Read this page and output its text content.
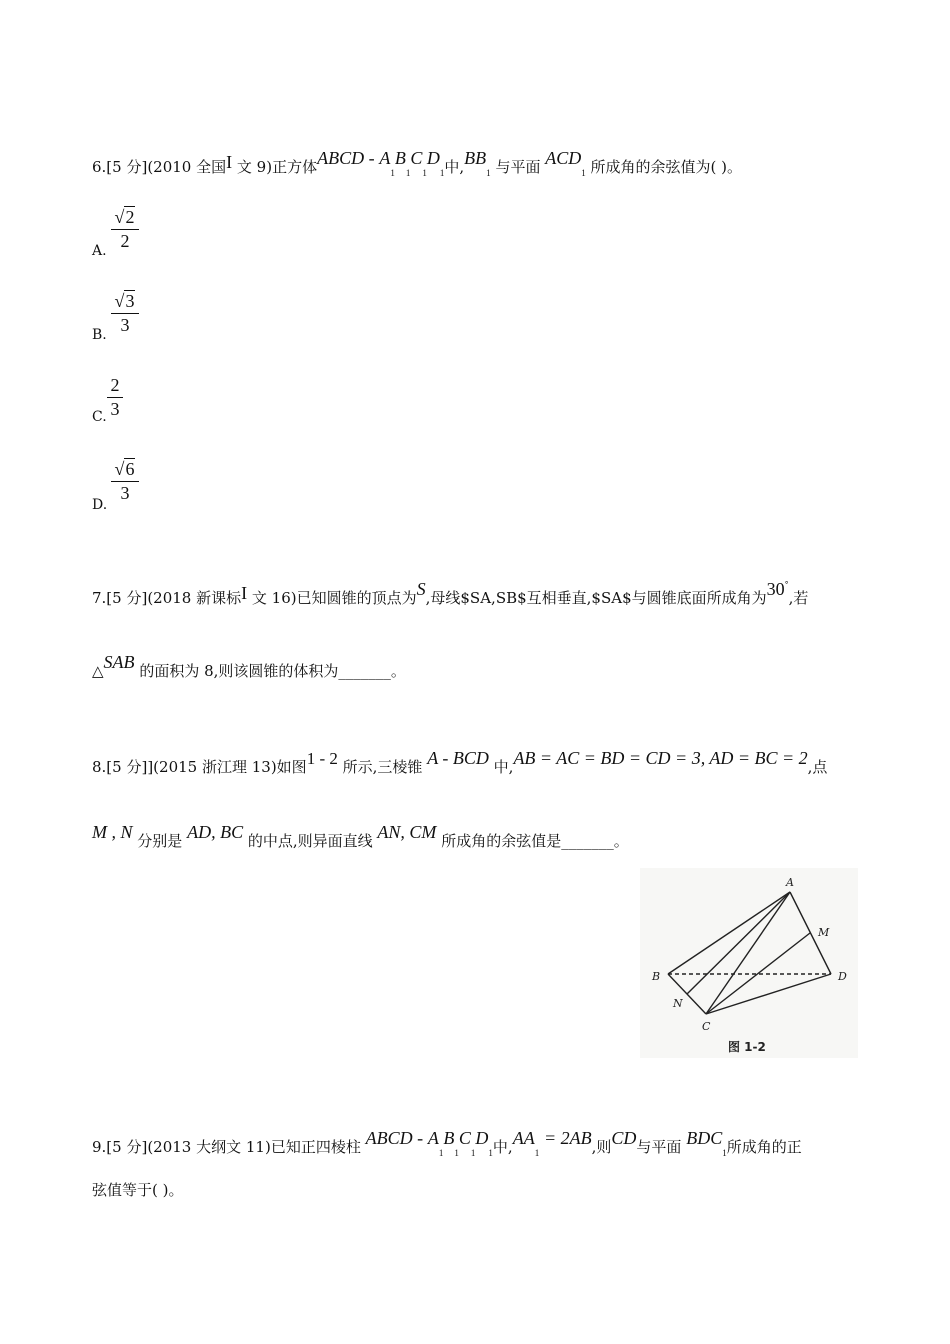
6.[5 分](2010 全国I 文 9)正方体ABCD - $A_1B_1C_1D_1$中$,BB_1$ 与平面 $ACD_1$ 所成角的余弦值为( )。
A.
√2
2
B.
√3
3
C.
2
3
D.
√6
3
7.[5 分](2018 新课标I 文 16)已知圆锥的顶点为S,母线$SA,SB$互相垂直,$SA$与圆锥底面所成角为30°,若
△SAB 的面积为 8,则该圆锥的体积为_______。
8.[5 分]](2015 浙江理 13)如图1 - 2 所示,三棱锥 A - BCD 中,AB = AC = BD = CD = 3, AD = BC = 2,点
M , N 分别是 AD, BC 的中点,则异面直线 AN, CM 所成角的余弦值是_______。
A
B
C
D
M
N
图 1-2
9.[5 分](2013 大纲文 11)已知正四棱柱 ABCD - $A_1B_1C_1D_1$中$,AA_1 = 2AB$,则CD与平面 $BDC_1$所成角的正
弦值等于( )。
